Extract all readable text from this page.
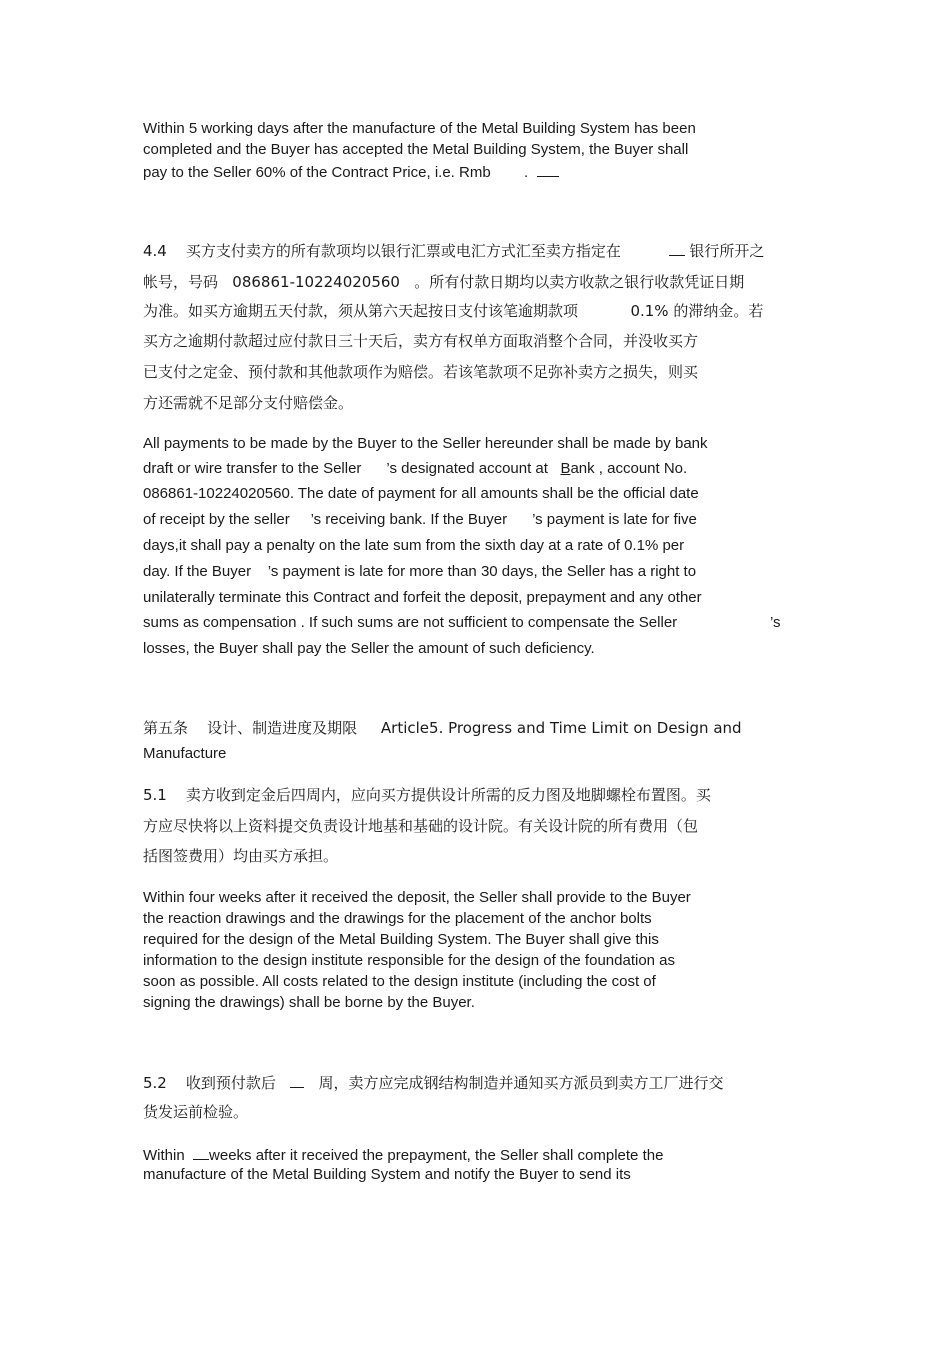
Within 5 working days after the manufacture of the Metal Building System has been
completed and the Buyer has accepted the Metal Building System, the Buyer shall
pay to the Seller 60% of the Contract Price, i.e. Rmb        .
4.4    买方支付卖方的所有款项均以银行汇票或电汇方式汇至卖方指定在           银行所开之
帐号，号码   086861-10224020560   。所有付款日期均以卖方收款之银行收款凭证日期
为准。如买方逾期五天付款，须从第六天起按日支付该笔逾期款项           0.1% 的滞纳金。若
买方之逾期付款超过应付款日三十天后，卖方有权单方面取消整个合同，并没收买方
已支付之定金、预付款和其他款项作为赔偿。若该笔款项不足弥补卖方之损失，则买
方还需就不足部分支付赔偿金。
All payments to be made by the Buyer to the Seller hereunder shall be made by bank
draft or wire transfer to the Seller      ’s designated account at   Bank , account No.
086861-10224020560. The date of payment for all amounts shall be the official date
of receipt by the seller     ’s receiving bank. If the Buyer      ’s payment is late for five
days,it shall pay a penalty on the late sum from the sixth day at a rate of 0.1% per
day. If the Buyer    ’s payment is late for more than 30 days, the Seller has a right to
unilaterally terminate this Contract and forfeit the deposit, prepayment and any other
sums as compensation . If such sums are not sufficient to compensate the Seller	’s
losses, the Buyer shall pay the Seller the amount of such deficiency.
第五条    设计、制造进度及期限     Article5. Progress and Time Limit on Design and
Manufacture
5.1    卖方收到定金后四周内，应向买方提供设计所需的反力图及地脚螺栓布置图。买
方应尽快将以上资料提交负责设计地基和基础的设计院。有关设计院的所有费用（包
括图签费用）均由买方承担。
Within four weeks after it received the deposit, the Seller shall provide to the Buyer
the reaction drawings and the drawings for the placement of the anchor bolts
required for the design of the Metal Building System. The Buyer shall give this
information to the design institute responsible for the design of the foundation as
soon as possible. All costs related to the design institute (including the cost of
signing the drawings) shall be borne by the Buyer.
5.2    收到预付款后      周，卖方应完成钢结构制造并通知买方派员到卖方工厂进行交
货发运前检验。
Within  weeks after it received the prepayment, the Seller shall complete the
manufacture of the Metal Building System and notify the Buyer to send its
